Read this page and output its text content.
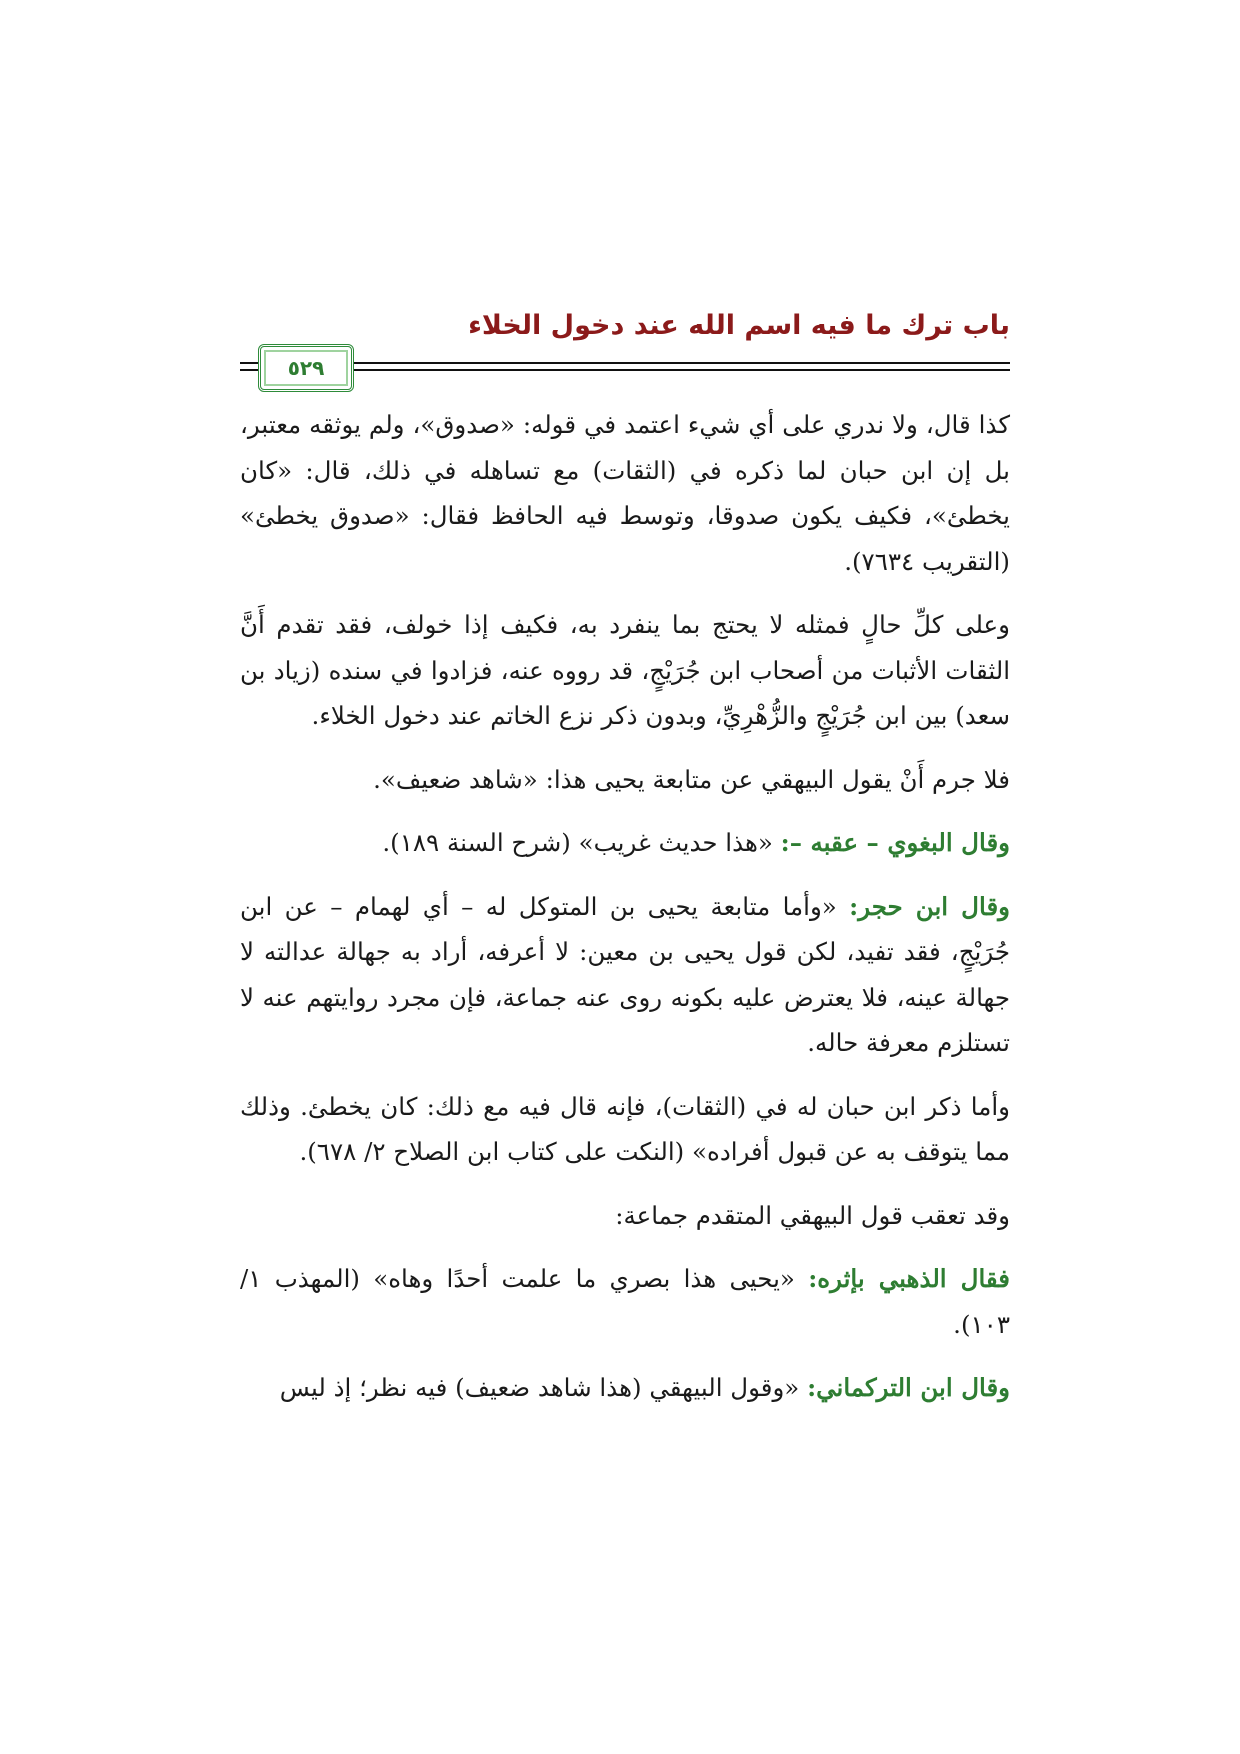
باب ترك ما فيه اسم الله عند دخول الخلاء
٥٢٩

كذا قال، ولا ندري على أي شيء اعتمد في قوله: «صدوق»، ولم يوثقه معتبر، بل إن ابن حبان لما ذكره في (الثقات) مع تساهله في ذلك، قال: «كان يخطئ»، فكيف يكون صدوقا، وتوسط فيه الحافظ فقال: «صدوق يخطئ» (التقريب ٧٦٣٤).

وعلى كلِّ حالٍ فمثله لا يحتج بما ينفرد به، فكيف إذا خولف، فقد تقدم أَنَّ الثقات الأثبات من أصحاب ابن جُرَيْجٍ، قد رووه عنه، فزادوا في سنده (زياد بن سعد) بين ابن جُرَيْجٍ والزُّهْرِيِّ، وبدون ذكر نزع الخاتم عند دخول الخلاء.

فلا جرم أَنْ يقول البيهقي عن متابعة يحيى هذا: «شاهد ضعيف».

وقال البغوي – عقبه –: «هذا حديث غريب» (شرح السنة ١٨٩).

وقال ابن حجر: «وأما متابعة يحيى بن المتوكل له – أي لهمام – عن ابن جُرَيْجٍ، فقد تفيد، لكن قول يحيى بن معين: لا أعرفه، أراد به جهالة عدالته لا جهالة عينه، فلا يعترض عليه بكونه روى عنه جماعة، فإن مجرد روايتهم عنه لا تستلزم معرفة حاله.

وأما ذكر ابن حبان له في (الثقات)، فإنه قال فيه مع ذلك: كان يخطئ. وذلك مما يتوقف به عن قبول أفراده» (النكت على كتاب ابن الصلاح ٢/ ٦٧٨).

وقد تعقب قول البيهقي المتقدم جماعة:

فقال الذهبي بإثره: «يحيى هذا بصري ما علمت أحدًا وهاه» (المهذب ١/ ١٠٣).

وقال ابن التركماني: «وقول البيهقي (هذا شاهد ضعيف) فيه نظر؛ إذ ليس
